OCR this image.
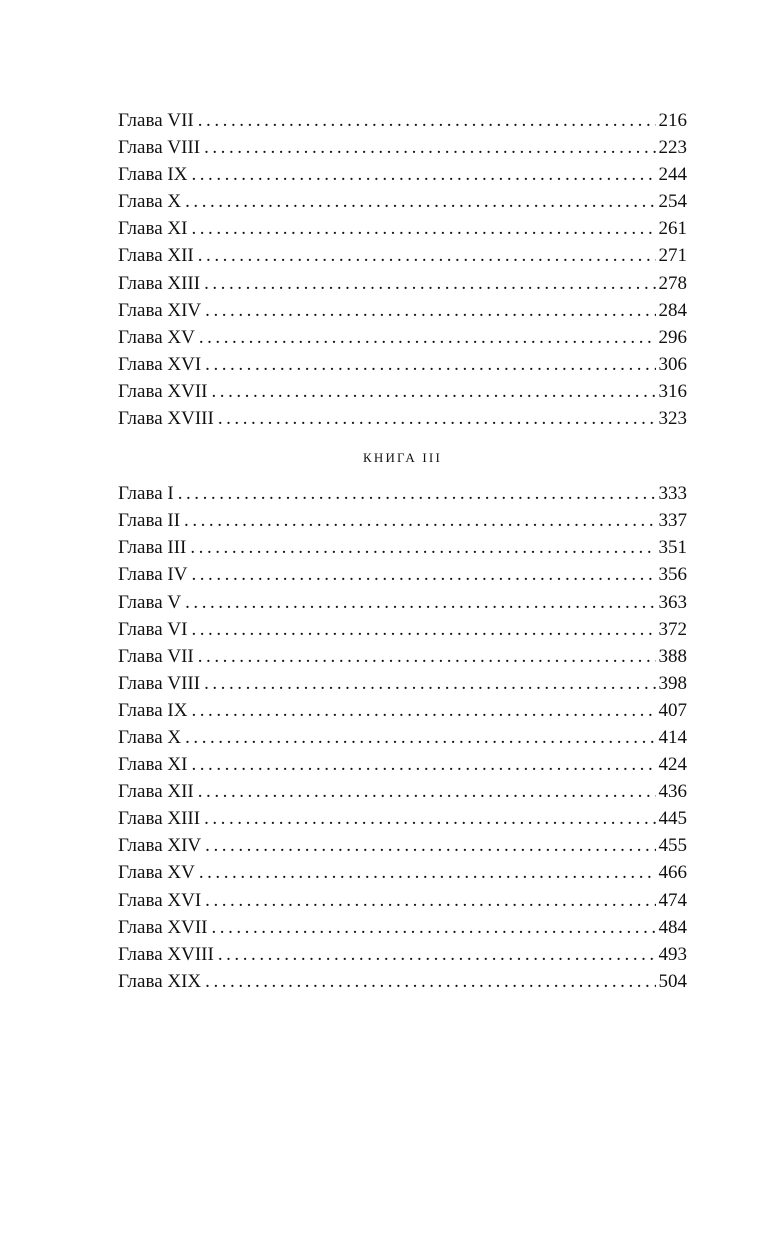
Глава VII . . .	216
Глава VIII . . .	223
Глава IX . . .	244
Глава X . . .	254
Глава XI . . .	261
Глава XII . . .	271
Глава XIII . . .	278
Глава XIV . . .	284
Глава XV . . .	296
Глава XVI . . .	306
Глава XVII . . .	316
Глава XVIII . . .	323
КНИГА III
Глава I . . .	333
Глава II . . .	337
Глава III . . .	351
Глава IV . . .	356
Глава V . . .	363
Глава VI . . .	372
Глава VII . . .	388
Глава VIII . . .	398
Глава IX . . .	407
Глава X . . .	414
Глава XI . . .	424
Глава XII . . .	436
Глава XIII . . .	445
Глава XIV . . .	455
Глава XV . . .	466
Глава XVI . . .	474
Глава XVII . . .	484
Глава XVIII . . .	493
Глава XIX . . .	504
